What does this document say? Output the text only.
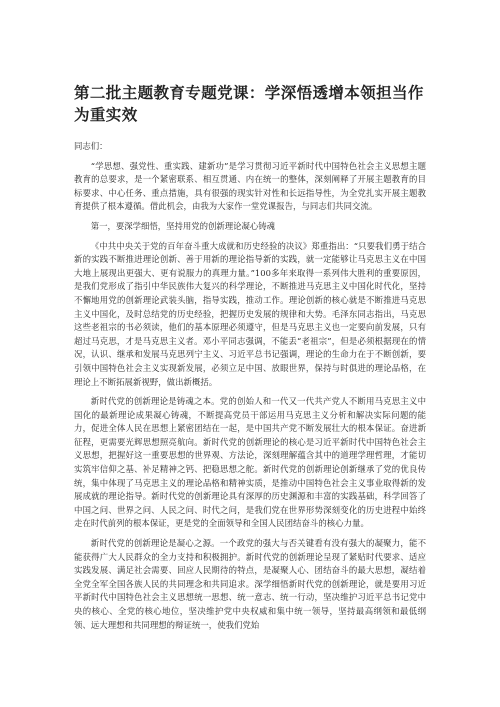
第二批主题教育专题党课：学深悟透增本领担当作为重实效

同志们：

“学思想、强党性、重实践、建新功”是学习贯彻习近平新时代中国特色社会主义思想主题教育的总要求，是一个紧密联系、相互贯通、内在统一的整体，深刻阐释了开展主题教育的目标要求、中心任务、重点措施，具有很强的现实针对性和长远指导性，为全党扎实开展主题教育提供了根本遵循。借此机会，由我为大家作一堂党课报告，与同志们共同交流。

第一，要深学细悟，坚持用党的创新理论凝心铸魂

《中共中央关于党的百年奋斗重大成就和历史经验的决议》郑重指出：“只要我们勇于结合新的实践不断推进理论创新、善于用新的理论指导新的实践，就一定能够让马克思主义在中国大地上展现出更强大、更有说服力的真理力量。”100多年来取得一系列伟大胜利的重要原因，是我们党形成了指引中华民族伟大复兴的科学理论，不断推进马克思主义中国化时代化，坚持不懈地用党的创新理论武装头脑，指导实践，推动工作。理论创新的核心就是不断推进马克思主义中国化，及时总结党的历史经验，把握历史发展的规律和大势。毛泽东同志指出，马克思这些老祖宗的书必须读，他们的基本原理必须遵守，但是马克思主义也一定要向前发展，只有超过马克思，才是马克思主义者。邓小平同志强调，不能丢“老祖宗”，但是必须根据现在的情况，认识、继承和发展马克思列宁主义、习近平总书记强调，理论的生命力在于不断创新，要引领中国特色社会主义实现新发展，必须立足中国、放眼世界，保持与时俱进的理论品格，在理论上不断拓展新视野，做出新概括。

新时代党的创新理论是铸魂之本。党的创始人和一代又一代共产党人不断用马克思主义中国化的最新理论成果凝心铸魂，不断提高党员干部运用马克思主义分析和解决实际问题的能力，促进全体人民在思想上紧密团结在一起，是中国共产党不断发展壮大的根本保证。奋进新征程，更需要光辉思想照亮航向。新时代党的创新理论的核心是习近平新时代中国特色社会主义思想，把握好这一重要思想的世界观、方法论，深刻理解蕴含其中的道理学理哲理，才能切实筑牢信仰之基、补足精神之钙、把稳思想之舵。新时代党的创新理论创新继承了党的优良传统，集中体现了马克思主义的理论品格和精神实质，是推动中国特色社会主义事业取得新的发展成就的理论指导。新时代党的创新理论具有深厚的历史渊源和丰富的实践基础，科学回答了中国之问、世界之问、人民之问、时代之问，是我们党在世界形势深刻变化的历史进程中始终走在时代前列的根本保证，更是党的全面领导和全国人民团结奋斗的核心力量。

新时代党的创新理论是凝心之源。一个政党的强大与否关键看有没有强大的凝聚力，能不能获得广大人民群众的全力支持和积极拥护。新时代党的创新理论呈现了紧贴时代要求、适应实践发展、满足社会需要、回应人民期待的特点，是凝聚人心、团结奋斗的最大思想，凝结着全党全军全国各族人民的共同理念和共同追求。深学细悟新时代党的创新理论，就是要用习近平新时代中国特色社会主义思想统一思想、统一意志、统一行动，坚决维护习近平总书记党中央的核心、全党的核心地位，坚决维护党中央权威和集中统一领导，坚持最高纲领和最低纲领、远大理想和共同理想的辩证统一，使我们党始
